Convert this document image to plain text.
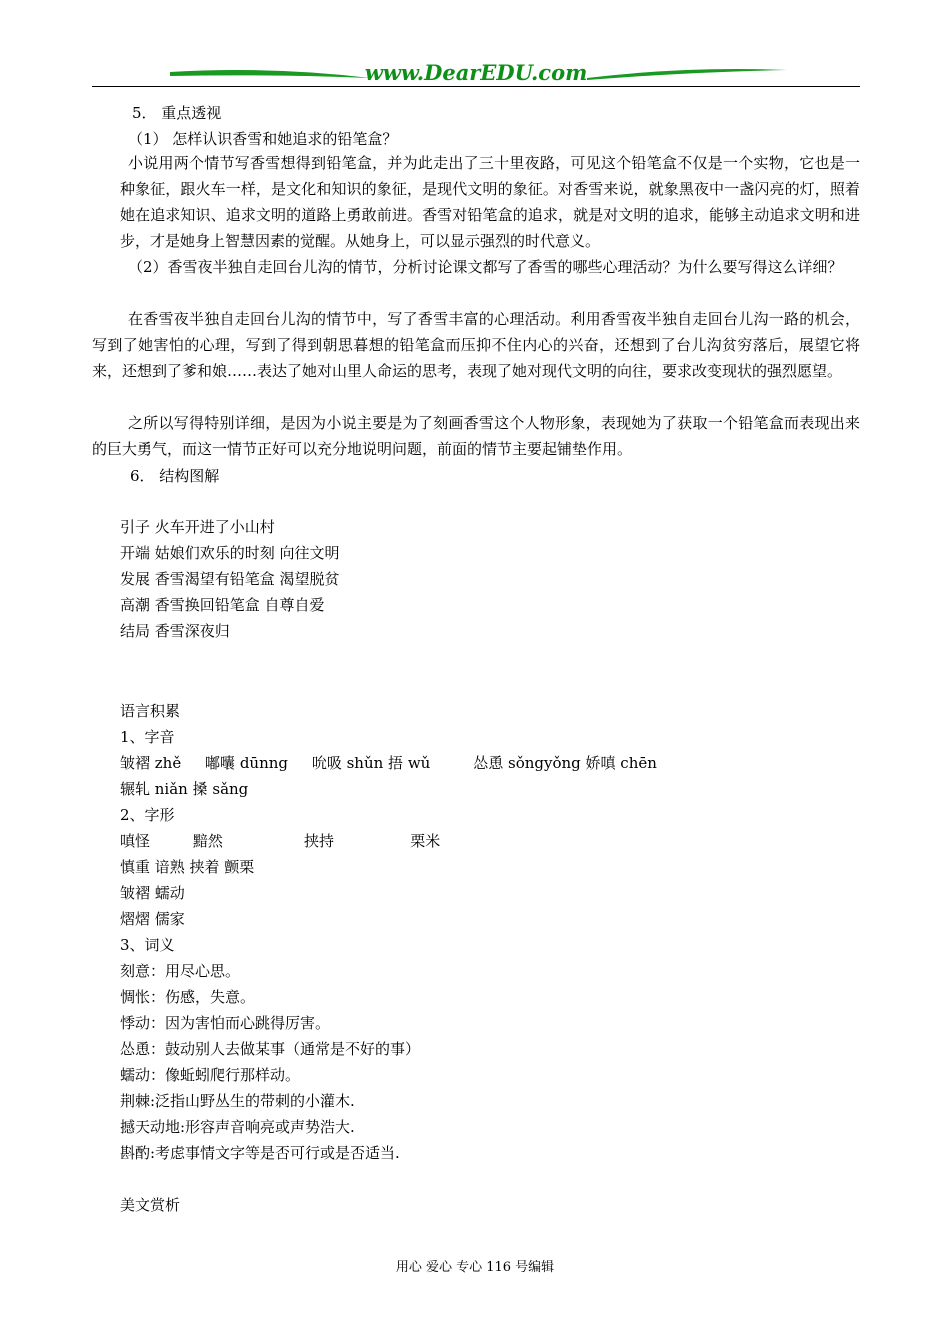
www.DearEDU.com
5． 重点透视
（1） 怎样认识香雪和她追求的铅笔盒？
小说用两个情节写香雪想得到铅笔盒，并为此走出了三十里夜路，可见这个铅笔盒不仅是一个实物，它也是一种象征，跟火车一样，是文化和知识的象征，是现代文明的象征。对香雪来说，就象黑夜中一盏闪亮的灯，照着她在追求知识、追求文明的道路上勇敢前进。香雪对铅笔盒的追求，就是对文明的追求，能够主动追求文明和进步，才是她身上智慧因素的觉醒。从她身上，可以显示强烈的时代意义。
（2）香雪夜半独自走回台儿沟的情节，分析讨论课文都写了香雪的哪些心理活动？为什么要写得这么详细？
在香雪夜半独自走回台儿沟的情节中，写了香雪丰富的心理活动。利用香雪夜半独自走回台儿沟一路的机会，写到了她害怕的心理，写到了得到朝思暮想的铅笔盒而压抑不住内心的兴奋，还想到了台儿沟贫穷落后，展望它将来，还想到了爹和娘……表达了她对山里人命运的思考，表现了她对现代文明的向往，要求改变现状的强烈愿望。
之所以写得特别详细，是因为小说主要是为了刻画香雪这个人物形象，表现她为了获取一个铅笔盒而表现出来的巨大勇气，而这一情节正好可以充分地说明问题，前面的情节主要起铺垫作用。
6． 结构图解
引子 火车开进了小山村
开端 姑娘们欢乐的时刻 向往文明
发展 香雪渴望有铅笔盒 渴望脱贫
高潮 香雪换回铅笔盒 自尊自爱
结局 香雪深夜归
语言积累
1、字音
皱褶 zhě     嘟囔 dūnng     吮吸 shǔn 捂 wǔ         怂恿 sǒngyǒng 娇嗔 chēn
辗轧 niǎn 搡 sǎng
2、字形
嗔怪         黯然                 挟持                栗米
慎重 谙熟 挟着 颤栗
皱褶 蠕动
熠熠 儒家
3、词义
刻意：用尽心思。
惆怅：伤感，失意。
悸动：因为害怕而心跳得厉害。
怂恿：鼓动别人去做某事（通常是不好的事）
蠕动：像蚯蚓爬行那样动。
荆棘:泛指山野丛生的带刺的小灌木.
撼天动地:形容声音响亮或声势浩大.
斟酌:考虑事情文字等是否可行或是否适当.
美文赏析
用心 爱心 专心 116 号编辑
